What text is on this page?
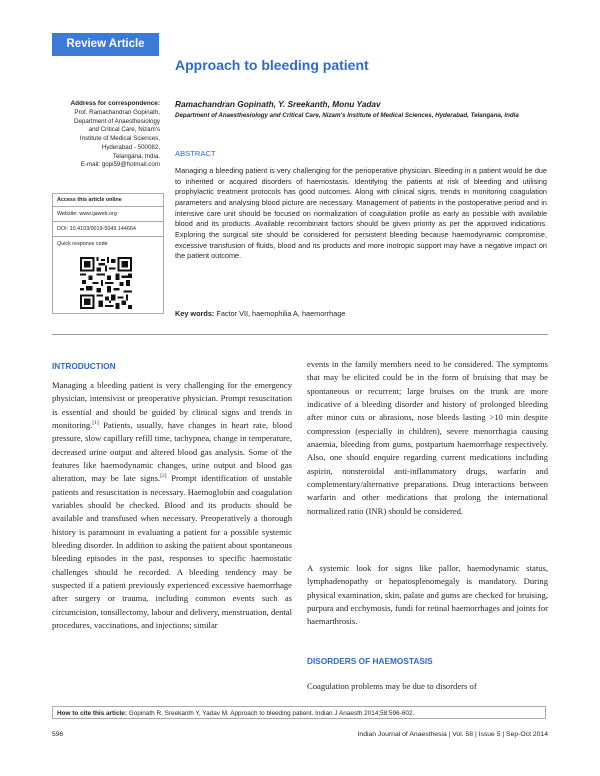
Review Article
Approach to bleeding patient
Address for correspondence:
Prof. Ramachandran Gopinath,
Department of Anaesthesiology
and Critical Care, Nizam's
Institute of Medical Sciences,
Hyderabad - 500082,
Telangana, India.
E-mail: gopi59@hotmail.com
Ramachandran Gopinath, Y. Sreekanth, Monu Yadav
Department of Anaesthesiology and Critical Care, Nizam's Institute of Medical Sciences, Hyderabad, Telangana, India
ABSTRACT
Managing a bleeding patient is very challenging for the perioperative physician. Bleeding in a patient would be due to inherited or acquired disorders of haemostasis. Identifying the patients at risk of bleeding and utilising prophylactic treatment protocols has good outcomes. Along with clinical signs, trends in monitoring coagulation parameters and analysing blood picture are necessary. Management of patients in the postoperative period and in intensive care unit should be focused on normalization of coagulation profile as early as possible with available blood and its products. Available recombinant factors should be given priority as per the approved indications. Exploring the surgical site should be considered for persistent bleeding because haemodynamic compromise, excessive transfusion of fluids, blood and its products and more inotropic support may have a negative impact on the patient outcome.
Key words: Factor VII, haemophilia A, haemorrhage
Access this article online
Website: www.ijaweb.org
DOI: 10.4103/0019-5049.144664
Quick response code
INTRODUCTION
Managing a bleeding patient is very challenging for the emergency physician, intensivist or preoperative physician. Prompt resuscitation is essential and should be guided by clinical signs and trends in monitoring.[1] Patients, usually, have changes in heart rate, blood pressure, slow capillary refill time, tachypnea, change in temperature, decreased urine output and altered blood gas analysis. Some of the features like haemodynamic changes, urine output and blood gas alteration, may be late signs.[2] Prompt identification of unstable patients and resuscitation is necessary. Haemoglobin and coagulation variables should be checked. Blood and its products should be available and transfused when necessary. Preoperatively a thorough history is paramount in evaluating a patient for a possible systemic bleeding disorder. In addition to asking the patient about spontaneous bleeding episodes in the past, responses to specific haemostatic challenges should be recorded. A bleeding tendency may be suspected if a patient previously experienced excessive haemorrhage after surgery or trauma, including common events such as circumcision, tonsillectomy, labour and delivery, menstruation, dental procedures, vaccinations, and injections; similar
events in the family members need to be considered. The symptoms that may be elicited could be in the form of bruising that may be spontaneous or recurrent; large bruises on the trunk are more indicative of a bleeding disorder and history of prolonged bleeding after minor cuts or abrasions, nose bleeds lasting >10 min despite compression (especially in children), severe menorrhagia causing anaemia, bleeding from gums, postpartum haemorrhage respectively. Also, one should enquire regarding current medications including aspirin, nonsteroidal anti-inflammatory drugs, warfarin and complementary/alternative preparations. Drug interactions between warfarin and other medications that prolong the international normalized ratio (INR) should be considered.
A systemic look for signs like pallor, haemodynamic status, lymphadenopathy or hepatosplenomegaly is mandatory. During physical examination, skin, palate and gums are checked for bruising, purpura and ecchymosis, fundi for retinal haemorrhages and joints for haemarthrosis.
DISORDERS OF HAEMOSTASIS
Coagulation problems may be due to disorders of
How to cite this article: Gopinath R, Sreekanth Y, Yadav M. Approach to bleeding patient. Indian J Anaesth 2014;58:596-602.
596	Indian Journal of Anaesthesia | Vol. 58 | Issue 5 | Sep-Oct 2014
